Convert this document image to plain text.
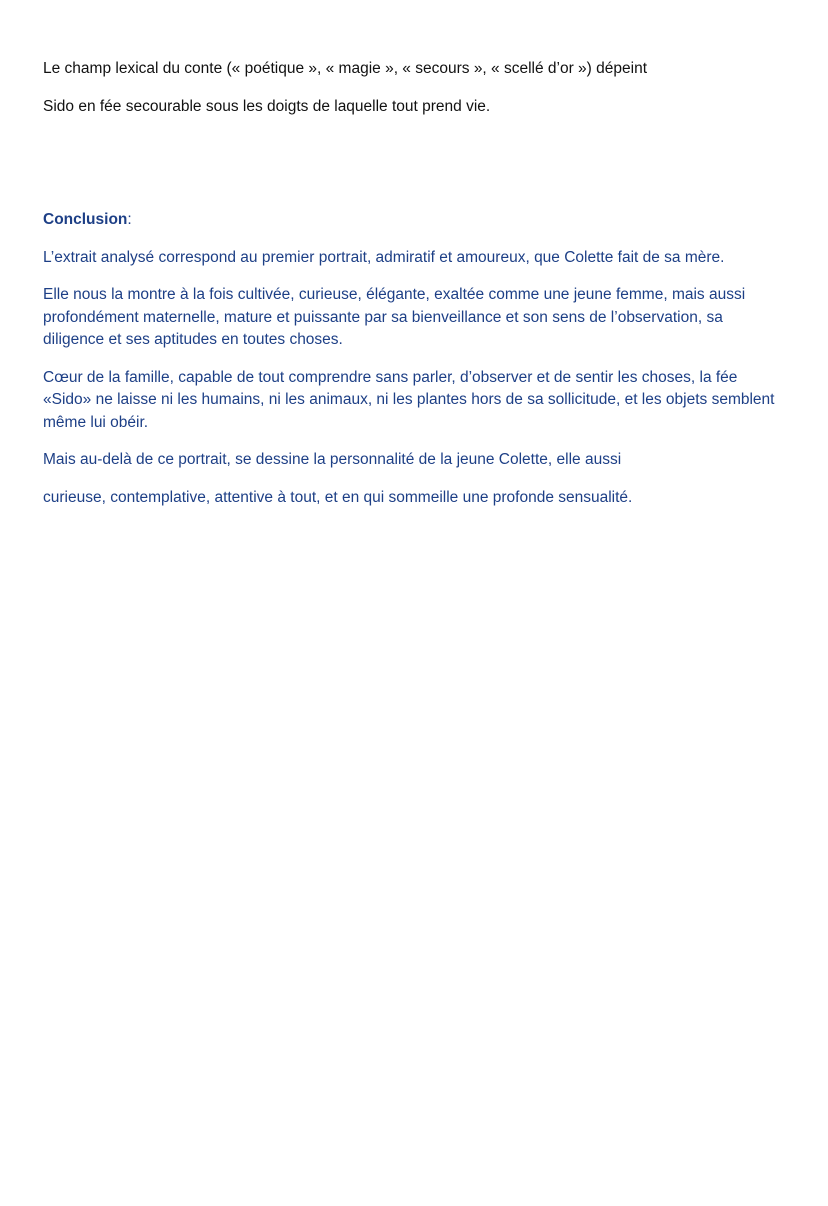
Le champ lexical du conte (« poétique », « magie », « secours », « scellé d’or ») dépeint

Sido en fée secourable sous les doigts de laquelle tout prend vie.

Conclusion:

L’extrait analysé correspond au premier portrait, admiratif et amoureux, que Colette fait de sa mère.

Elle nous la montre à la fois cultivée, curieuse, élégante, exaltée comme une jeune femme, mais aussi profondément maternelle, mature et puissante par sa bienveillance et son sens de l’observation, sa diligence et ses aptitudes en toutes choses.

Cœur de la famille, capable de tout comprendre sans parler, d’observer et de sentir les choses, la fée «Sido» ne laisse ni les humains, ni les animaux, ni les plantes hors de sa sollicitude, et les objets semblent même lui obéir.

Mais au-delà de ce portrait, se dessine la personnalité de la jeune Colette, elle aussi

curieuse, contemplative, attentive à tout, et en qui sommeille une profonde sensualité.
